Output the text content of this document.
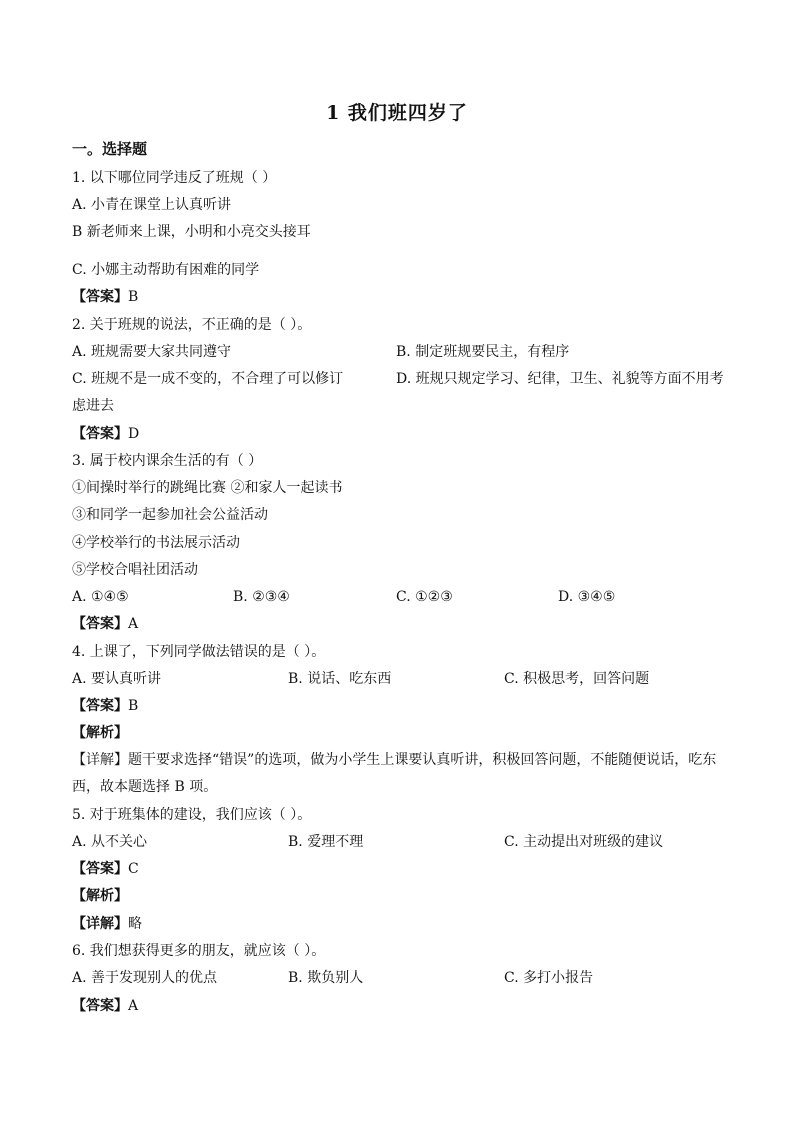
1 我们班四岁了
一。选择题
1. 以下哪位同学违反了班规（ ）
A. 小青在课堂上认真听讲
B 新老师来上课，小明和小亮交头接耳
C. 小娜主动帮助有困难的同学
【答案】B
2. 关于班规的说法，不正确的是（ ）。
A. 班规需要大家共同遵守	B. 制定班规要民主，有程序
C. 班规不是一成不变的，不合理了可以修订	D. 班规只规定学习、纪律，卫生、礼貌等方面不用考
虑进去
【答案】D
3. 属于校内课余生活的有（ ）
①间操时举行的跳绳比赛 ②和家人一起读书
③和同学一起参加社会公益活动
④学校举行的书法展示活动
⑤学校合唱社团活动
A. ①④⑤	B. ②③④	C. ①②③	D. ③④⑤
【答案】A
4. 上课了，下列同学做法错误的是（ ）。
A. 要认真听讲	B. 说话、吃东西	C. 积极思考，回答问题
【答案】B
【解析】
【详解】题干要求选择“错误”的选项，做为小学生上课要认真听讲，积极回答问题，不能随便说话，吃东西，故本题选择 B 项。
5. 对于班集体的建设，我们应该（ ）。
A. 从不关心	B. 爱理不理	C. 主动提出对班级的建议
【答案】C
【解析】
【详解】略
6. 我们想获得更多的朋友，就应该（ ）。
A. 善于发现别人的优点	B. 欺负别人	C. 多打小报告
【答案】A
